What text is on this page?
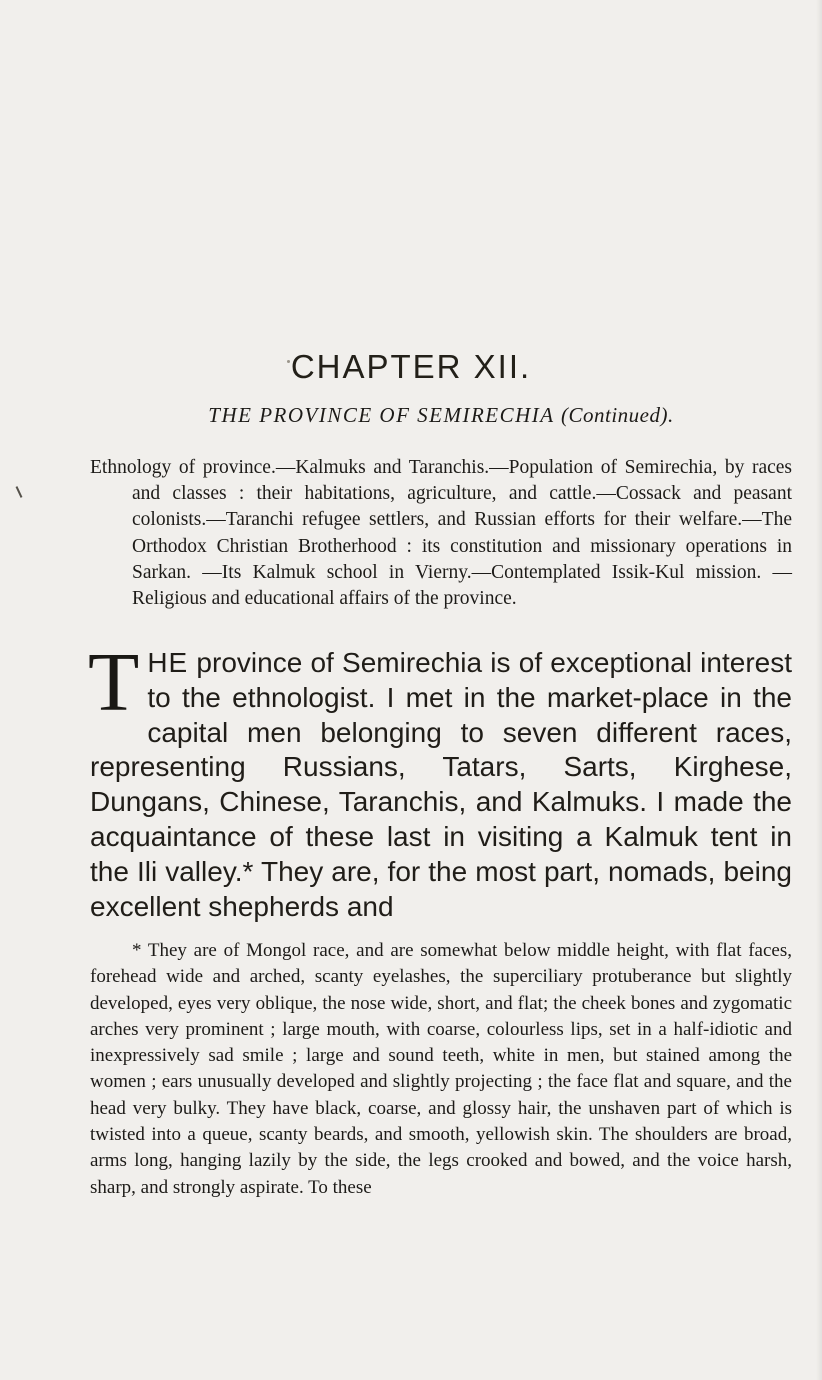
CHAPTER XII.
THE PROVINCE OF SEMIRECHIA (Continued).

Ethnology of province.—Kalmuks and Taranchis.—Population of Semirechia, by races and classes : their habitations, agriculture, and cattle.—Cossack and peasant colonists.—Taranchi refugee settlers, and Russian efforts for their welfare.—The Orthodox Christian Brotherhood : its constitution and missionary operations in Sarkan. —Its Kalmuk school in Vierny.—Contemplated Issik-Kul mission. —Religious and educational affairs of the province.

THE province of Semirechia is of exceptional interest to the ethnologist. I met in the market-place in the capital men belonging to seven different races, representing Russians, Tatars, Sarts, Kirghese, Dungans, Chinese, Taranchis, and Kalmuks. I made the acquaintance of these last in visiting a Kalmuk tent in the Ili valley.* They are, for the most part, nomads, being excellent shepherds and

* They are of Mongol race, and are somewhat below middle height, with flat faces, forehead wide and arched, scanty eyelashes, the superciliary protuberance but slightly developed, eyes very oblique, the nose wide, short, and flat; the cheek bones and zygomatic arches very prominent ; large mouth, with coarse, colourless lips, set in a half-idiotic and inexpressively sad smile ; large and sound teeth, white in men, but stained among the women ; ears unusually developed and slightly projecting ; the face flat and square, and the head very bulky. They have black, coarse, and glossy hair, the unshaven part of which is twisted into a queue, scanty beards, and smooth, yellowish skin. The shoulders are broad, arms long, hanging lazily by the side, the legs crooked and bowed, and the voice harsh, sharp, and strongly aspirate. To these
